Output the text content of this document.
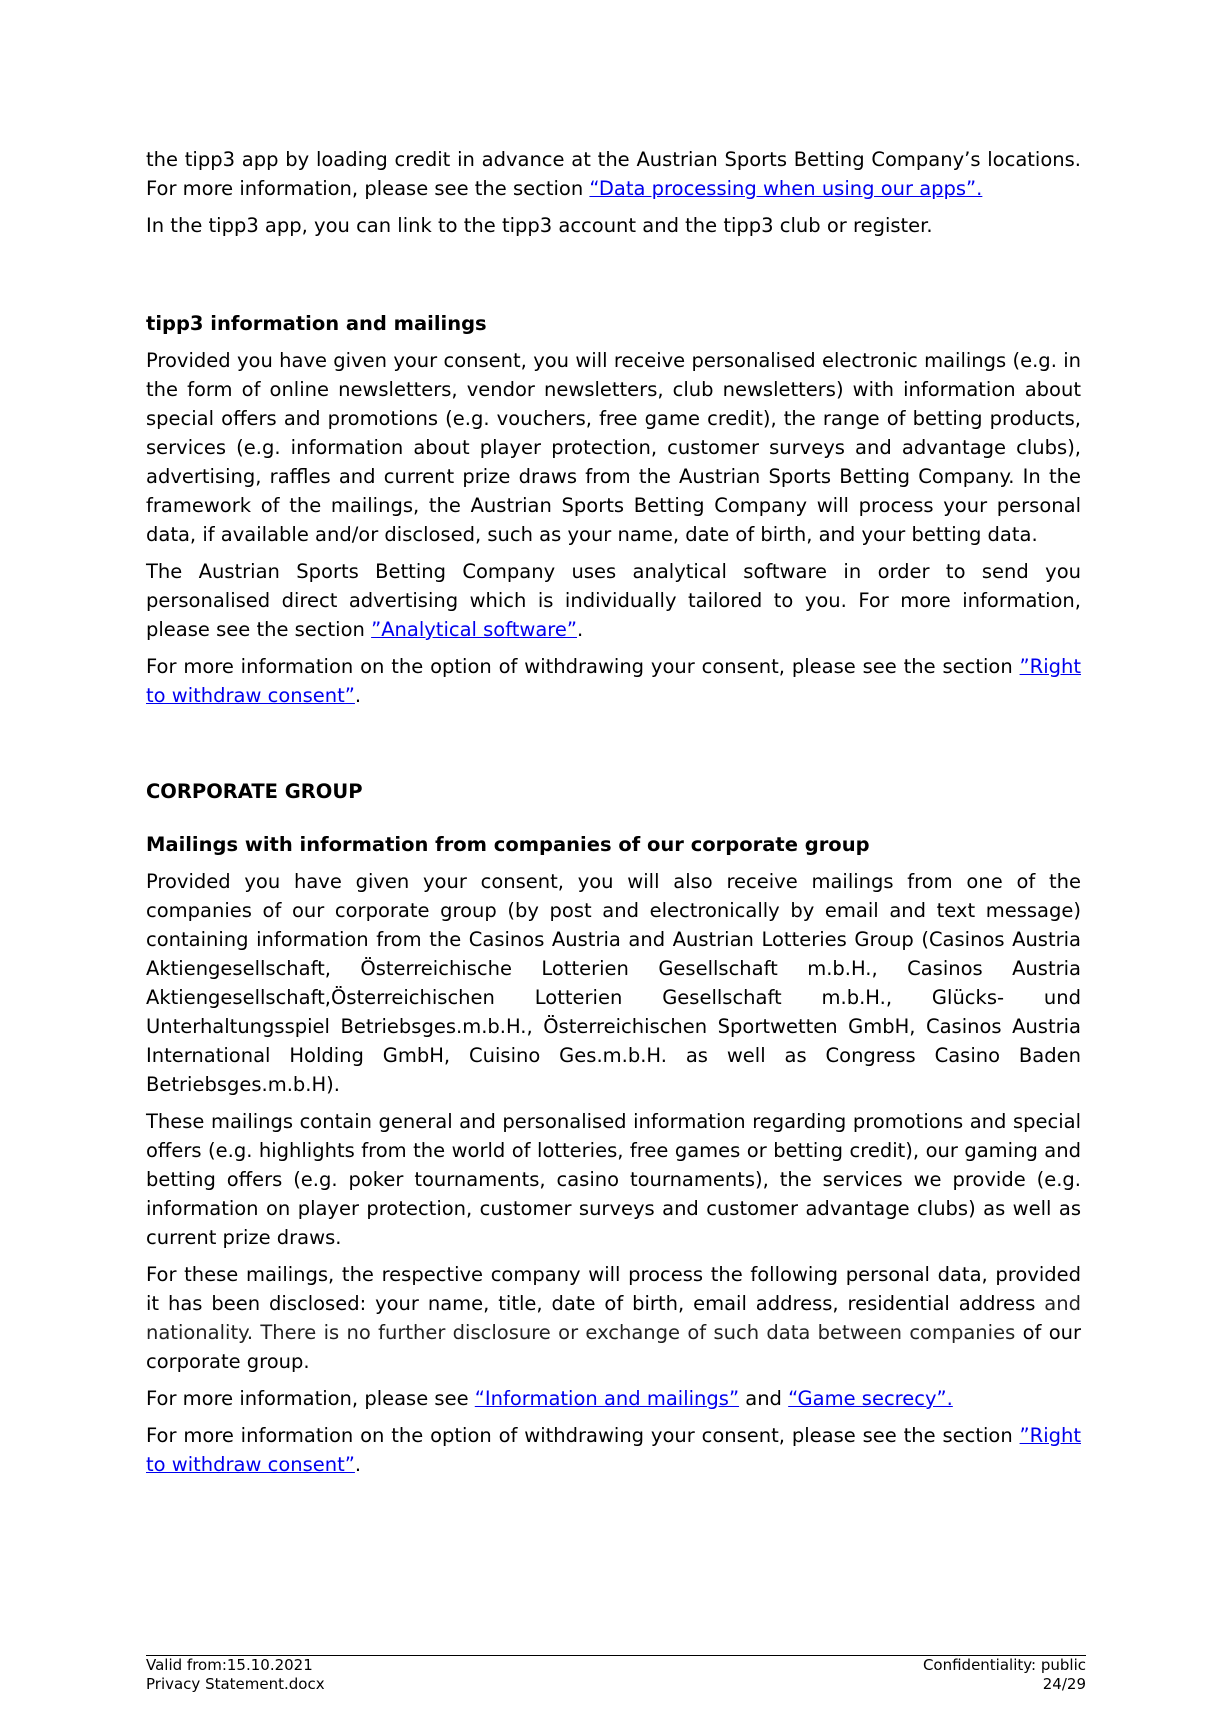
the tipp3 app by loading credit in advance at the Austrian Sports Betting Company’s locations. For more information, please see the section “Data processing when using our apps”.

In the tipp3 app, you can link to the tipp3 account and the tipp3 club or register.

tipp3 information and mailings

Provided you have given your consent, you will receive personalised electronic mailings (e.g. in the form of online newsletters, vendor newsletters, club newsletters) with information about special offers and promotions (e.g. vouchers, free game credit), the range of betting products, services (e.g. information about player protection, customer surveys and advantage clubs), advertising, raffles and current prize draws from the Austrian Sports Betting Company. In the framework of the mailings, the Austrian Sports Betting Company will process your personal data, if available and/or disclosed, such as your name, date of birth, and your betting data.

The Austrian Sports Betting Company uses analytical software in order to send you personalised direct advertising which is individually tailored to you. For more information, please see the section ”Analytical software”.

For more information on the option of withdrawing your consent, please see the section ”Right to withdraw consent”.

CORPORATE GROUP
Mailings with information from companies of our corporate group

Provided you have given your consent, you will also receive mailings from one of the companies of our corporate group (by post and electronically by email and text message) containing information from the Casinos Austria and Austrian Lotteries Group (Casinos Austria Aktiengesellschaft, Österreichische Lotterien Gesellschaft m.b.H., Casinos Austria Aktiengesellschaft,Österreichischen Lotterien Gesellschaft m.b.H., Glücks- und Unterhaltungsspiel Betriebsges.m.b.H., Österreichischen Sportwetten GmbH, Casinos Austria International Holding GmbH, Cuisino Ges.m.b.H. as well as Congress Casino Baden Betriebsges.m.b.H).

These mailings contain general and personalised information regarding promotions and special offers (e.g. highlights from the world of lotteries, free games or betting credit), our gaming and betting offers (e.g. poker tournaments, casino tournaments), the services we provide (e.g. information on player protection, customer surveys and customer advantage clubs) as well as current prize draws.

For these mailings, the respective company will process the following personal data, provided it has been disclosed: your name, title, date of birth, email address, residential address and nationality. There is no further disclosure or exchange of such data between companies of our corporate group.

For more information, please see “Information and mailings” and “Game secrecy”.

For more information on the option of withdrawing your consent, please see the section ”Right to withdraw consent”.

Valid from:15.10.2021	Confidentiality: public
Privacy Statement.docx	24/29
